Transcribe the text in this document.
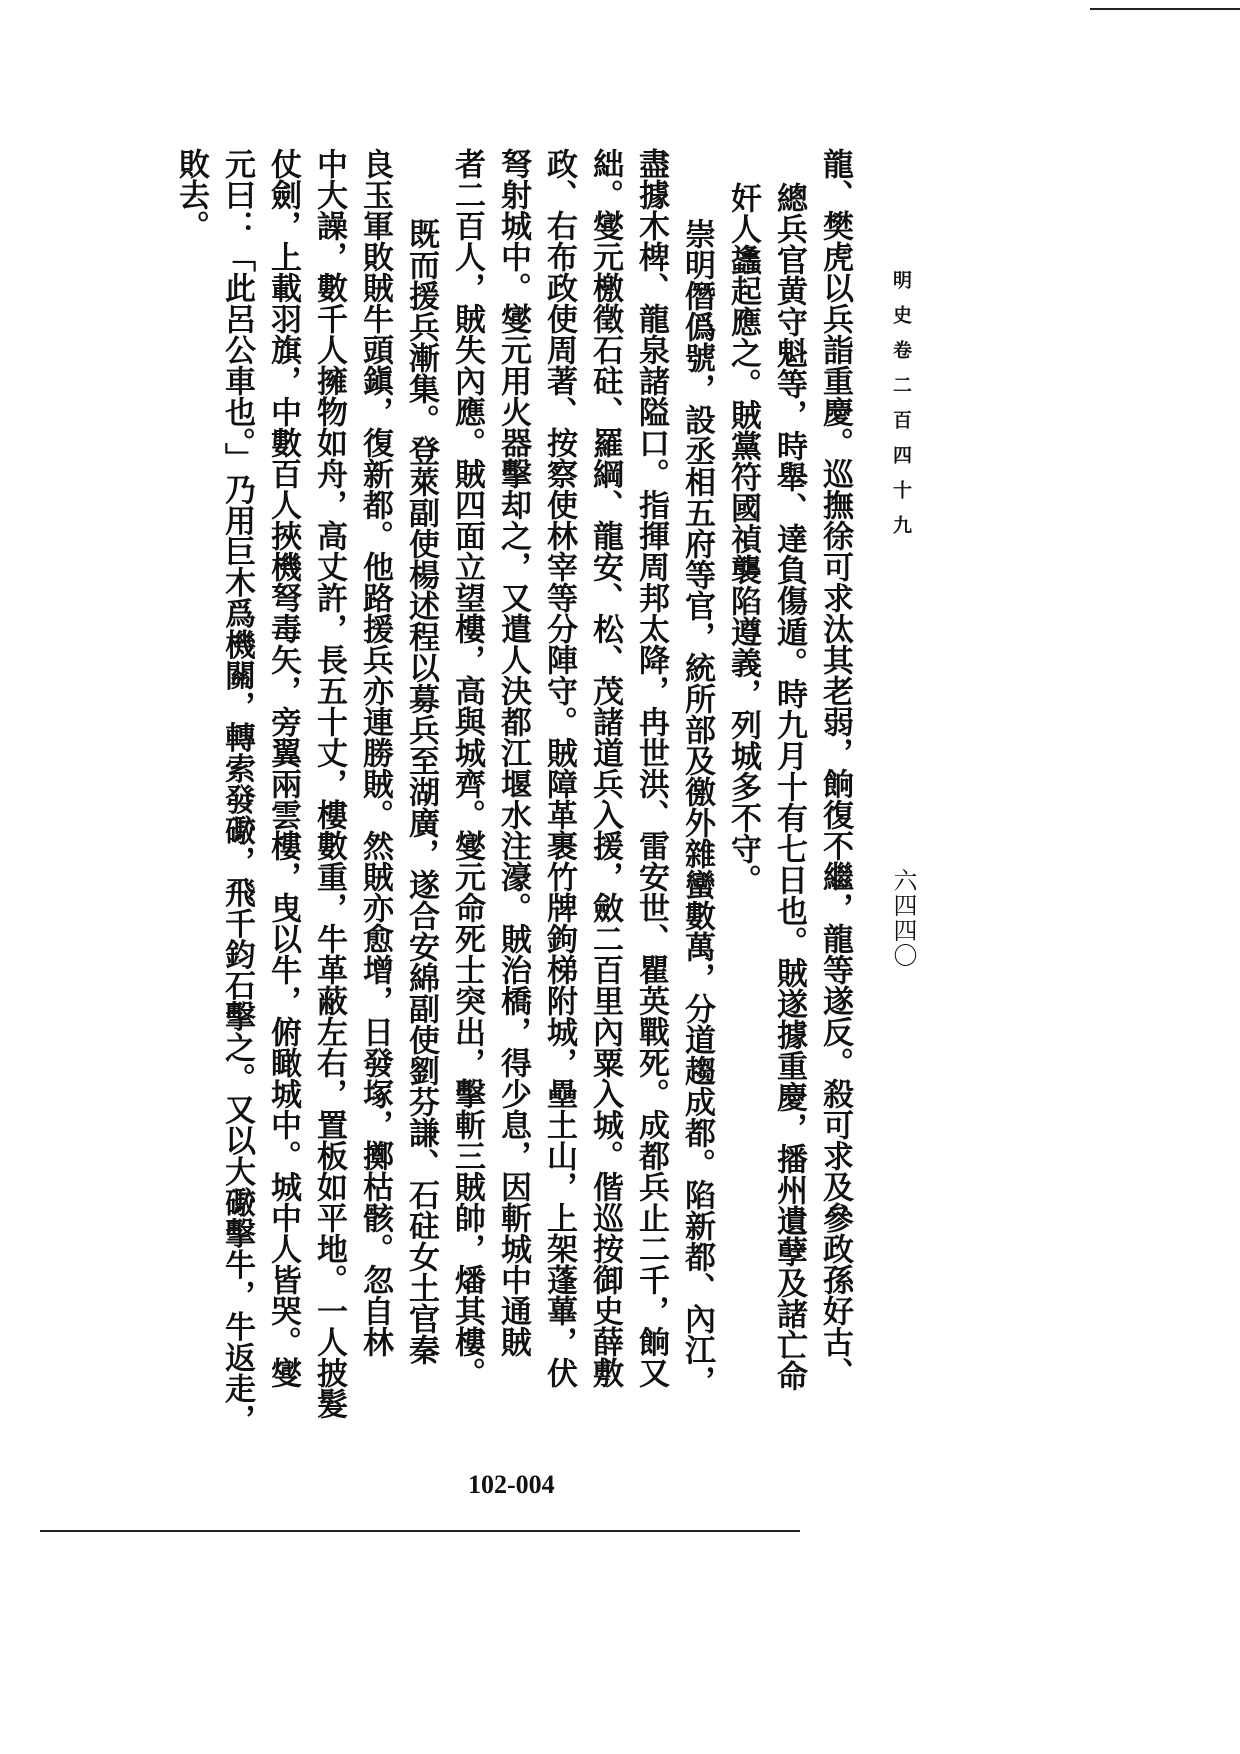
明史卷二百四十九
六四四〇
龍、樊虎以兵詣重慶。巡撫徐可求汰其老弱，餉復不繼，龍等遂反。殺可求及參政孫好古、
總兵官黄守魁等，時舉、達負傷遁。時九月十有七日也。賊遂據重慶，播州遺孽及諸亡命
奸人蠭起應之。賊黨符國禎襲陷遵義，列城多不守。
崇明僭僞號，設丞相五府等官，統所部及徼外雜蠻數萬，分道趨成都。陷新都、內江，
盡據木椑、龍泉諸隘口。指揮周邦太降，冉世洪、雷安世、瞿英戰死。成都兵止二千，餉又
絀。燮元檄徵石砫、羅綱、龍安、松、茂諸道兵入援，斂二百里內粟入城。偕巡按御史薛敷
政、右布政使周著、按察使林宰等分陣守。賊障革裹竹牌鉤梯附城，壘土山，上架蓬蓽，伏
弩射城中。燮元用火器擊却之，又遣人決都江堰水注濠。賊治橋，得少息，因斬城中通賊
者二百人，賊失內應。賊四面立望樓，高與城齊。燮元命死士突出，擊斬三賊帥，燔其樓。
既而援兵漸集。登萊副使楊述程以募兵至湖廣，遂合安綿副使劉芬謙、石砫女土官秦
良玉軍敗賊牛頭鎭，復新都。他路援兵亦連勝賊。然賊亦愈增，日發塚，擲枯骸。忽自林
中大譟，數千人擁物如舟，高丈許，長五十丈，樓數重，牛革蔽左右，置板如平地。一人披髮
仗劍，上載羽旗，中數百人挾機弩毒矢，旁翼兩雲樓，曳以牛，俯瞰城中。城中人皆哭。燮
元曰：「此呂公車也。」乃用巨木爲機關，轉索發礮，飛千鈞石擊之。又以大礮擊牛，牛返走，
敗去。
102-004
